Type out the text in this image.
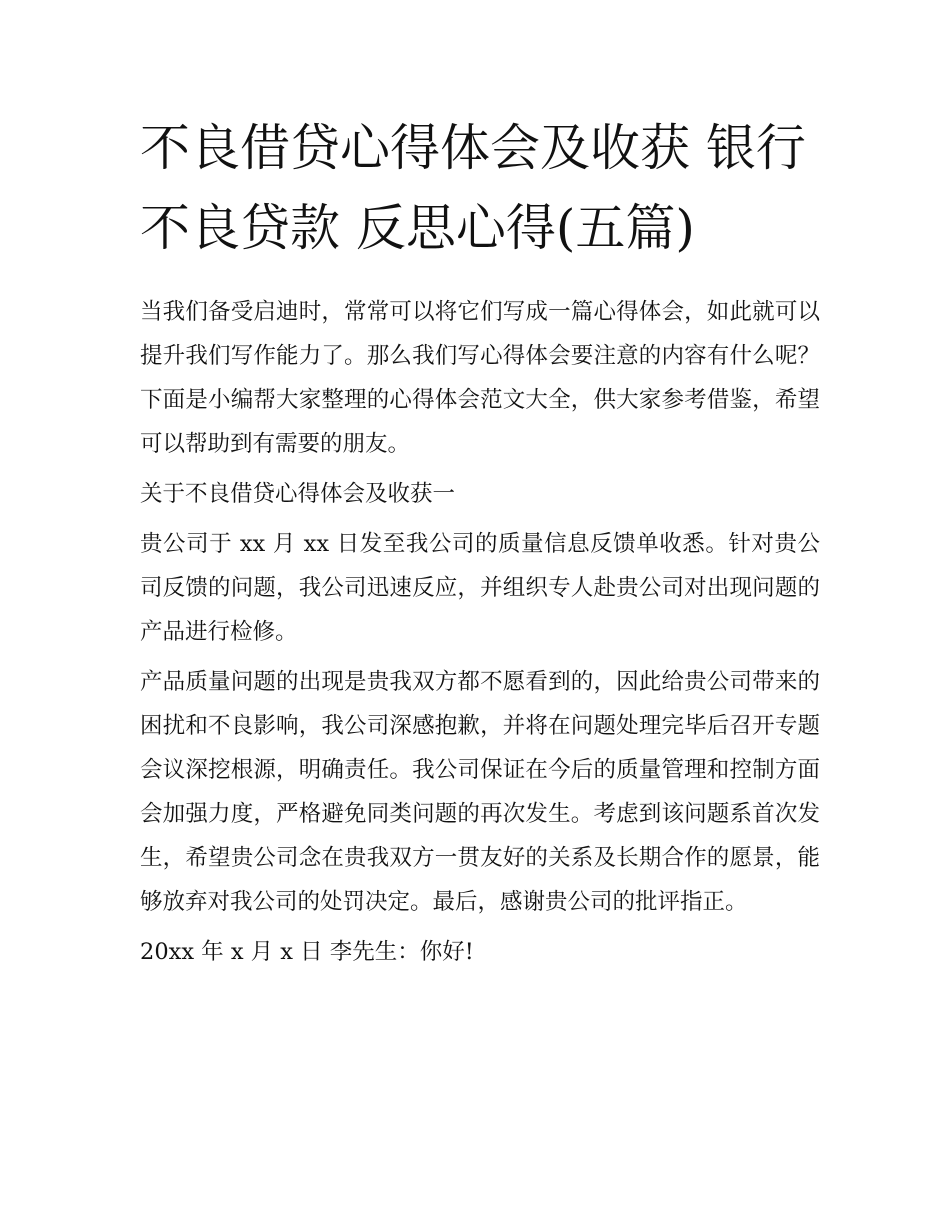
不良借贷心得体会及收获 银行不良贷款 反思心得(五篇)

当我们备受启迪时，常常可以将它们写成一篇心得体会，如此就可以提升我们写作能力了。那么我们写心得体会要注意的内容有什么呢？下面是小编帮大家整理的心得体会范文大全，供大家参考借鉴，希望可以帮助到有需要的朋友。

关于不良借贷心得体会及收获一

贵公司于 xx 月 xx 日发至我公司的质量信息反馈单收悉。针对贵公司反馈的问题，我公司迅速反应，并组织专人赴贵公司对出现问题的产品进行检修。

产品质量问题的出现是贵我双方都不愿看到的，因此给贵公司带来的困扰和不良影响，我公司深感抱歉，并将在问题处理完毕后召开专题会议深挖根源，明确责任。我公司保证在今后的质量管理和控制方面会加强力度，严格避免同类问题的再次发生。考虑到该问题系首次发生，希望贵公司念在贵我双方一贯友好的关系及长期合作的愿景，能够放弃对我公司的处罚决定。最后，感谢贵公司的批评指正。

20xx 年 x 月 x 日 李先生：你好!
